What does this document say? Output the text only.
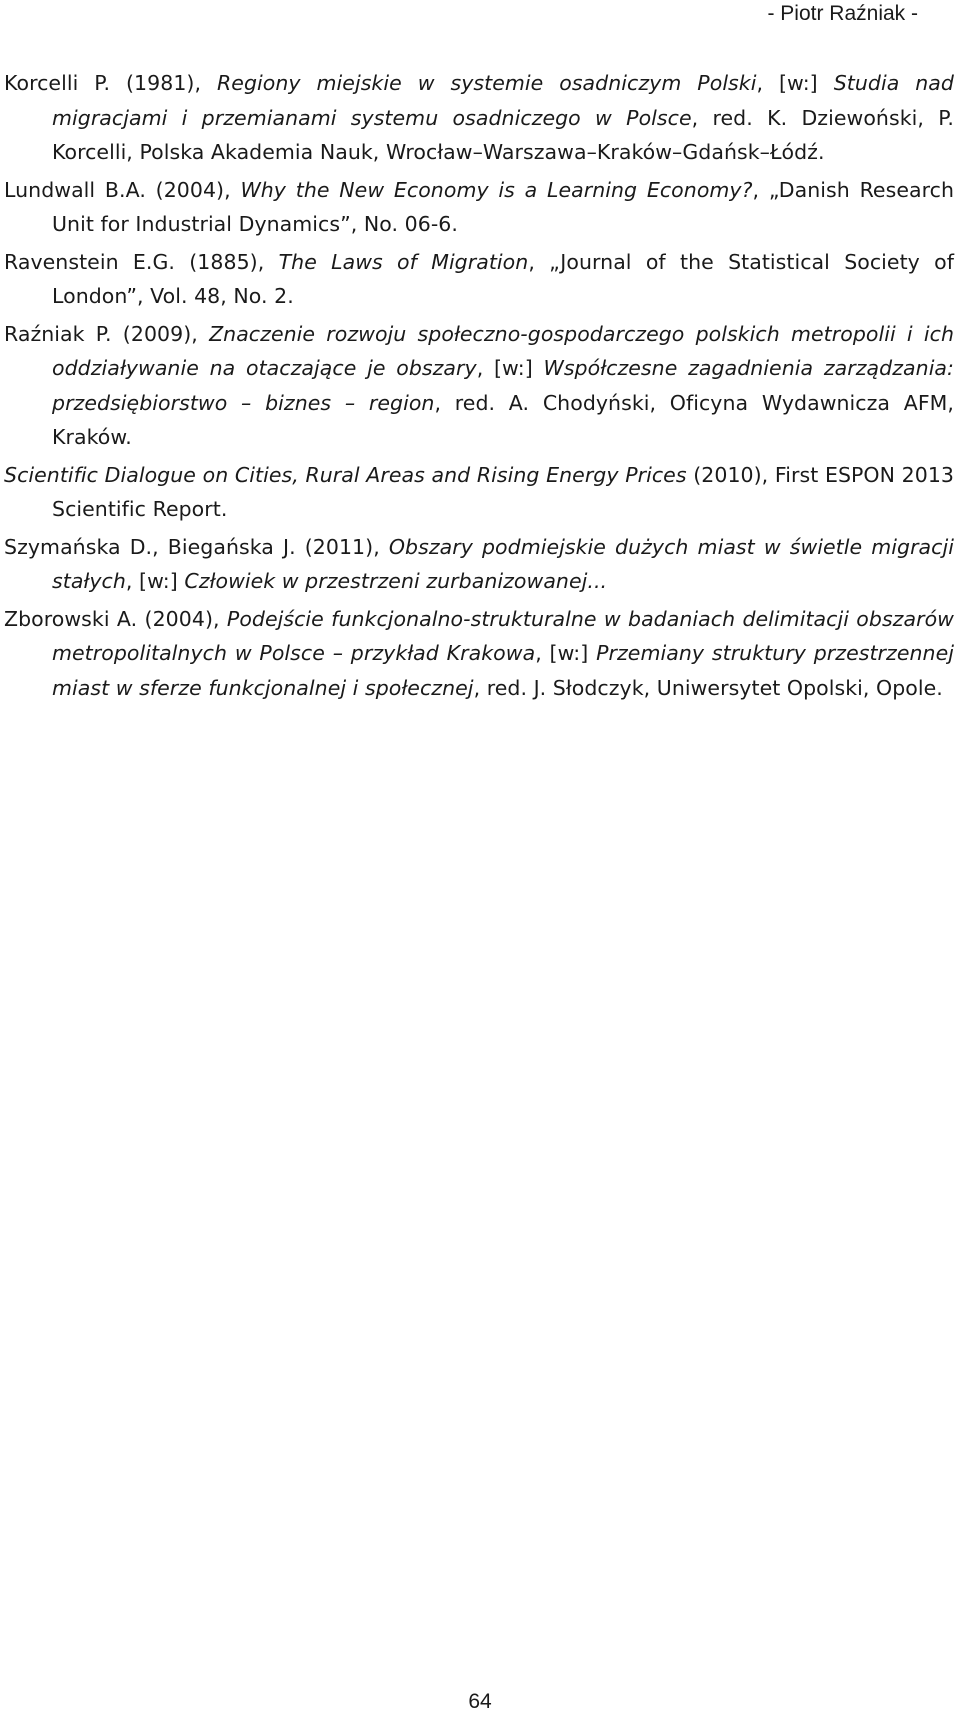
- Piotr Raźniak -
Korcelli P. (1981), Regiony miejskie w systemie osadniczym Polski, [w:] Studia nad migracjami i przemianami systemu osadniczego w Polsce, red. K. Dziewoński, P. Korcelli, Polska Akademia Nauk, Wrocław–Warszawa–Kraków–Gdańsk–Łódź.
Lundwall B.A. (2004), Why the New Economy is a Learning Economy?, „Danish Research Unit for Industrial Dynamics”, No. 06-6.
Ravenstein E.G. (1885), The Laws of Migration, „Journal of the Statistical Society of London”, Vol. 48, No. 2.
Raźniak P. (2009), Znaczenie rozwoju społeczno-gospodarczego polskich metropolii i ich oddziaływanie na otaczające je obszary, [w:] Współczesne zagadnienia zarządzania: przedsiębiorstwo – biznes – region, red. A. Chodyński, Oficyna Wydawnicza AFM, Kraków.
Scientific Dialogue on Cities, Rural Areas and Rising Energy Prices (2010), First ESPON 2013 Scientific Report.
Szymańska D., Biegańska J. (2011), Obszary podmiejskie dużych miast w świetle migracji stałych, [w:] Człowiek w przestrzeni zurbanizowanej...
Zborowski A. (2004), Podejście funkcjonalno-strukturalne w badaniach delimitacji obszarów metropolitalnych w Polsce – przykład Krakowa, [w:] Przemiany struktury przestrzennej miast w sferze funkcjonalnej i społecznej, red. J. Słodczyk, Uniwersytet Opolski, Opole.
64
